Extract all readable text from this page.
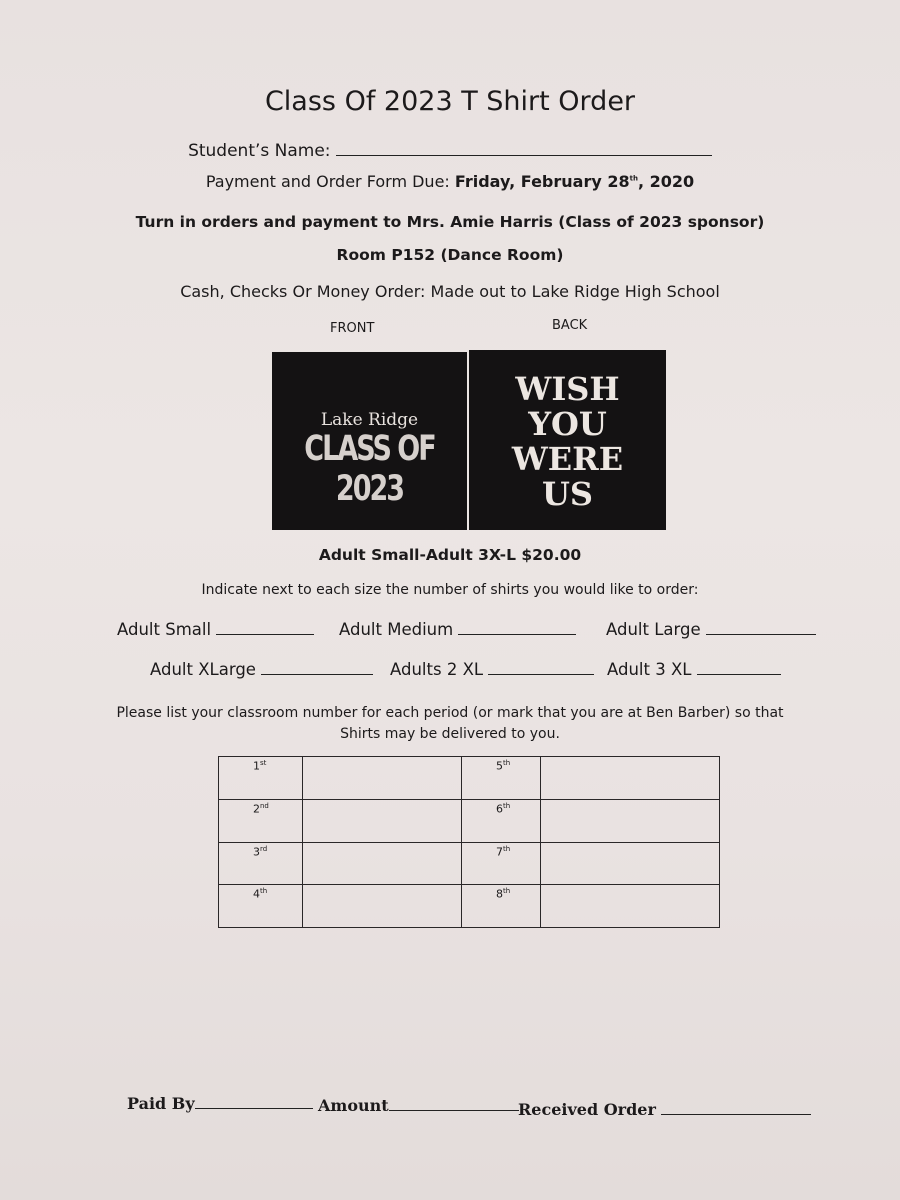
Class Of 2023 T Shirt Order
Student’s Name:
Payment and Order Form Due: Friday, February 28th, 2020
Turn in orders and payment to Mrs. Amie Harris (Class of 2023 sponsor)
Room P152 (Dance Room)
Cash, Checks Or Money Order: Made out to Lake Ridge High School
FRONT	BACK
Lake Ridge
CLASS OF 2023
WISH
YOU
WERE
US
Adult Small-Adult 3X-L $20.00
Indicate next to each size the number of shirts you would like to order:
Adult Small	Adult Medium	Adult Large
Adult XLarge	Adults 2 XL	Adult 3 XL
Please list your classroom number for each period (or mark that you are at Ben Barber) so that Shirts may be delivered to you.
1st		5th	
2nd		6th	
3rd		7th	
4th		8th	
Paid By	Amount	Received Order
